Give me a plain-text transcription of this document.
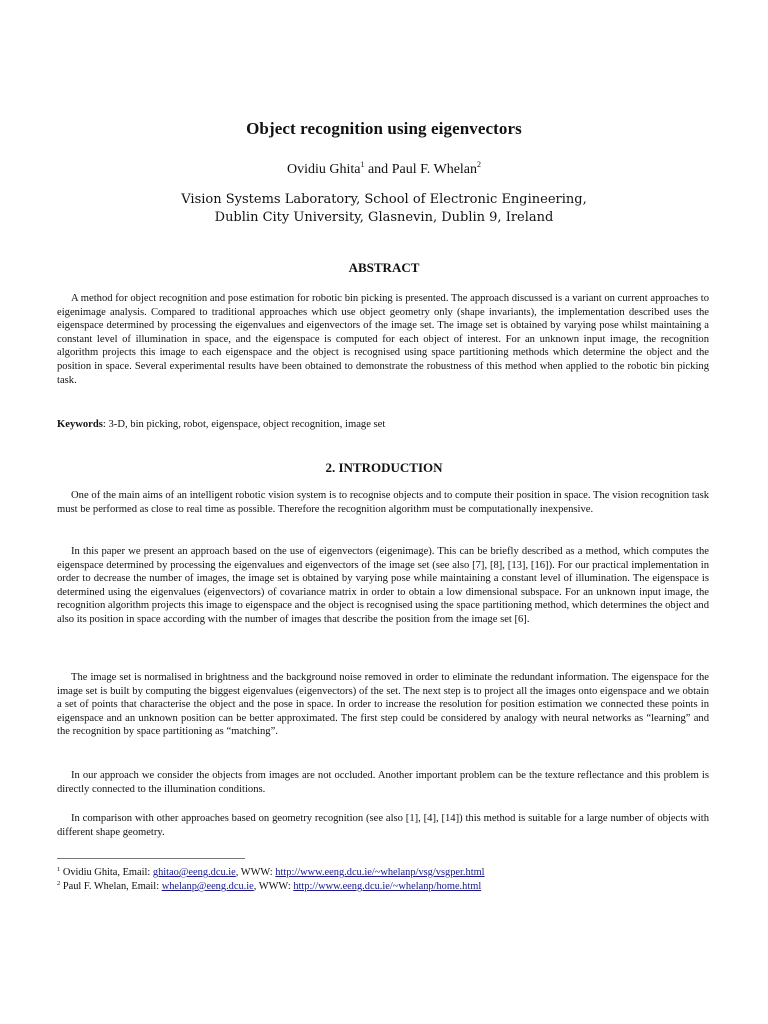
Object recognition using eigenvectors
Ovidiu Ghita$^1$ and Paul F. Whelan$^2$
Vision Systems Laboratory, School of Electronic Engineering,
Dublin City University, Glasnevin, Dublin 9, Ireland
ABSTRACT

A method for object recognition and pose estimation for robotic bin picking is presented. The approach discussed is a variant on current approaches to eigenimage analysis. Compared to traditional approaches which use object geometry only (shape invariants), the implementation described uses the eigenspace determined by processing the eigenvalues and eigenvectors of the image set. The image set is obtained by varying pose whilst maintaining a constant level of illumination in space, and the eigenspace is computed for each object of interest. For an unknown input image, the recognition algorithm projects this image to each eigenspace and the object is recognised using space partitioning methods which determine the object and the position in space. Several experimental results have been obtained to demonstrate the robustness of this method when applied to the robotic bin picking task.

Keywords: 3-D, bin picking, robot, eigenspace, object recognition, image set

2. INTRODUCTION

One of the main aims of an intelligent robotic vision system is to recognise objects and to compute their position in space. The vision recognition task must be performed as close to real time as possible. Therefore the recognition algorithm must be computationally inexpensive.

In this paper we present an approach based on the use of eigenvectors (eigenimage). This can be briefly described as a method, which computes the eigenspace determined by processing the eigenvalues and eigenvectors of the image set (see also [7], [8], [13], [16]). For our practical implementation in order to decrease the number of images, the image set is obtained by varying pose while maintaining a constant level of illumination. The eigenspace is determined using the eigenvalues (eigenvectors) of covariance matrix in order to obtain a low dimensional subspace. For an unknown input image, the recognition algorithm projects this image to eigenspace and the object is recognised using the space partitioning method, which determines the object and also its position in space according with the number of images that describe the position from the image set [6].

The image set is normalised in brightness and the background noise removed in order to eliminate the redundant information. The eigenspace for the image set is built by computing the biggest eigenvalues (eigenvectors) of the set. The next step is to project all the images onto eigenspace and we obtain a set of points that characterise the object and the pose in space. In order to increase the resolution for position estimation we connected these points in eigenspace and an unknown position can be better approximated. The first step could be considered by analogy with neural networks as “learning” and the recognition by space partitioning as “matching”.

In our approach we consider the objects from images are not occluded. Another important problem can be the texture reflectance and this problem is directly connected to the illumination conditions.

In comparison with other approaches based on geometry recognition (see also [1], [4], [14]) this method is suitable for a large number of objects with different shape geometry.

$^1$ Ovidiu Ghita, Email: ghitao@eeng.dcu.ie, WWW: http://www.eeng.dcu.ie/~whelanp/vsg/vsgper.html
$^2$ Paul F. Whelan, Email: whelanp@eeng.dcu.ie, WWW: http://www.eeng.dcu.ie/~whelanp/home.html
